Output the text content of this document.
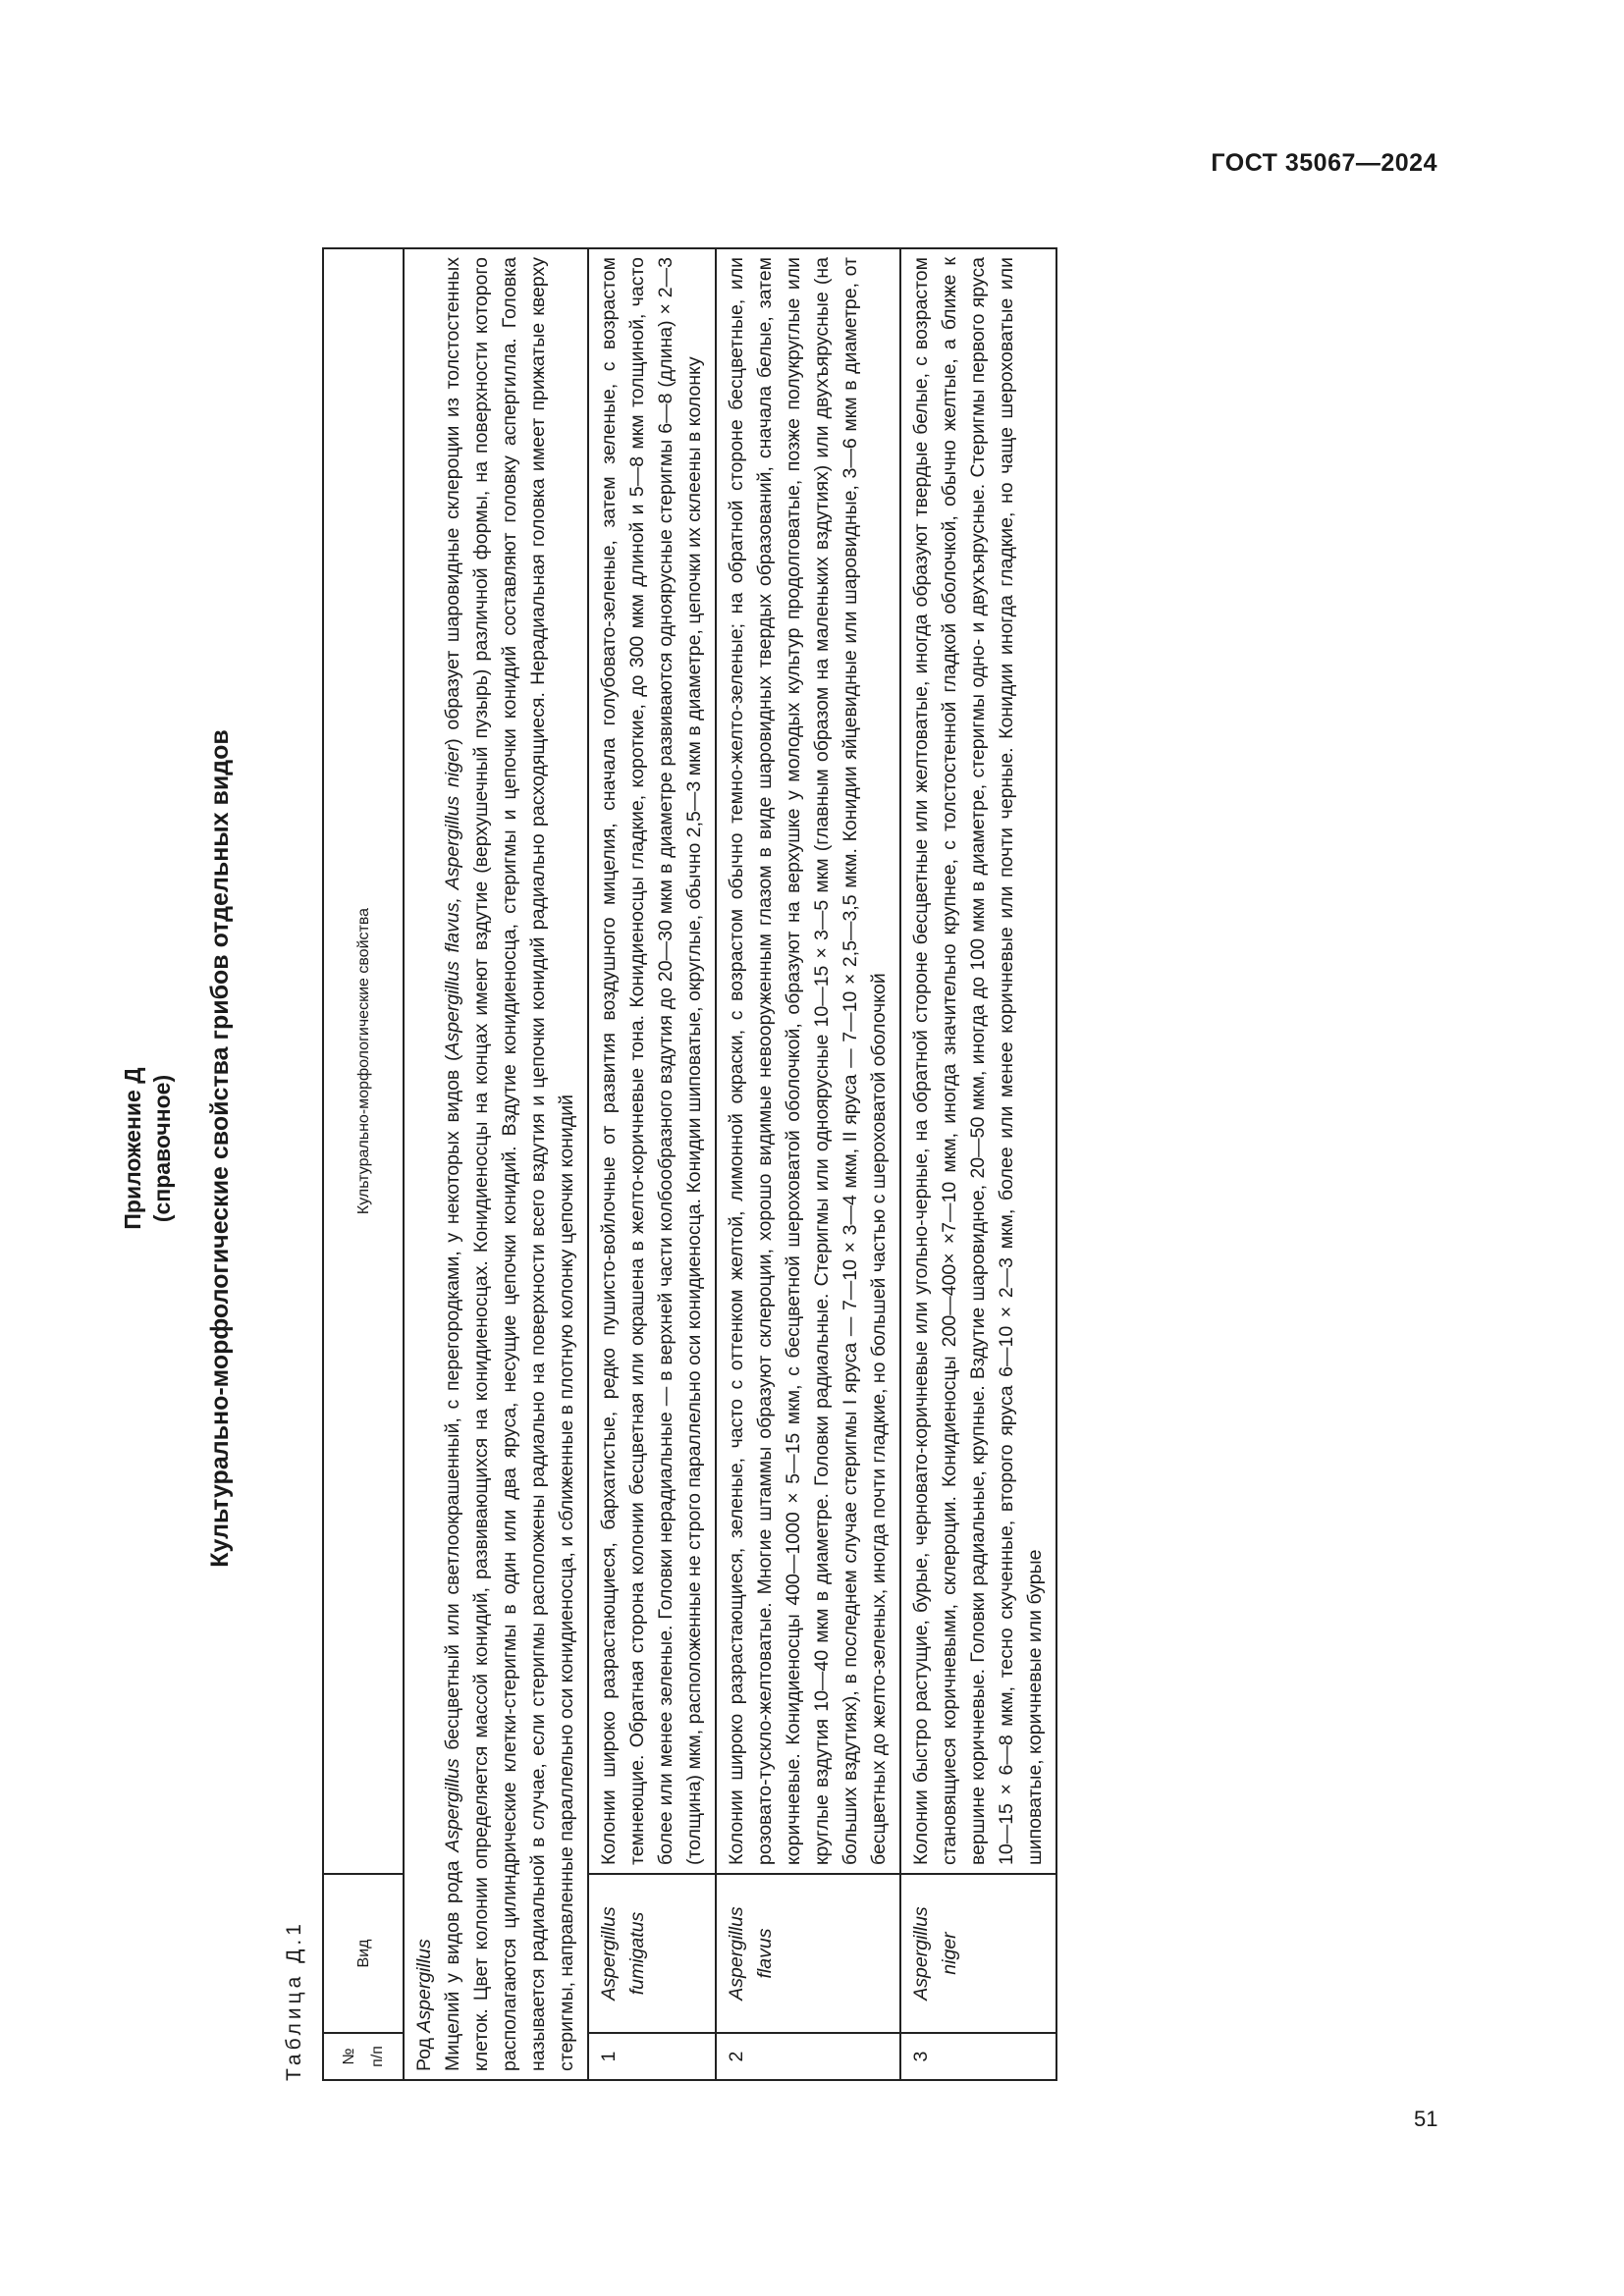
ГОСТ 35067—2024
Приложение Д (справочное) Культурально-морфологические свойства грибов отдельных видов
Таблица Д.1 № п/п	Вид	Культурально-морфологические свойства

Род Aspergillus Мицелий у видов рода Aspergillus бесцветный или светлоокрашенный, с перегородками, у некоторых видов (Aspergillus flavus, Aspergillus niger) образует шаровидные склероции из толстостенных клеток. Цвет колонии определяется массой конидий, развивающихся на конидиеносцах. Конидиеносцы на концах имеют вздутие (верхушечный пузырь) различной формы, на поверхности которого располагаются цилиндрические клетки-стеригмы в один или два яруса, несущие цепочки конидий. Вздутие конидиеносца, стеригмы и цепочки конидий составляют головку аспергилла. Головка называется радиальной в случае, если стеригмы расположены радиально на поверхности всего вздутия и цепочки конидий радиально расходящиеся. Нерадиальная головка имеет прижатые кверху стеригмы, направленные параллельно оси конидиеносца, и сближенные в плотную колонку цепочки конидий		

1	Aspergillus fumigatus	Колонии широко разрастающиеся, бархатистые, редко пушисто-войлочные от развития воздушного мицелия, сначала голубовато-зеленые, затем зеленые, с возрастом темнеющие. Обратная сторона колонии бесцветная или окрашена в желто-коричневые тона. Конидиеносцы гладкие, короткие, до 300 мкм длиной и 5—8 мкм толщиной, часто более или менее зеленые. Головки нерадиальные — в верхней части колбообразного вздутия до 20—30 мкм в диаметре развиваются одноярусные стеригмы 6—8 (длина) × 2—3 (толщина) мкм, расположенные не строго параллельно оси конидиеносца. Конидии шиповатые, округлые, обычно 2,5—3 мкм в диаметре, цепочки их склеены в колонку
2	Aspergillus flavus	Колонии широко разрастающиеся, зеленые, часто с оттенком желтой, лимонной окраски, с возрастом обычно темно-желто-зеленые; на обратной стороне бесцветные, или розовато-тускло-желтоватые. Многие штаммы образуют склероции, хорошо видимые невооруженным глазом в виде шаровидных твердых образований, сначала белые, затем коричневые. Конидиеносцы 400—1000 × 5—15 мкм, с бесцветной шероховатой оболочкой, образуют на верхушке у молодых культур продолговатые, позже полукруглые или круглые вздутия 10—40 мкм в диаметре. Головки радиальные. Стеригмы или одноярусные 10—15 × 3—5 мкм (главным образом на маленьких вздутиях) или двухъярусные (на больших вздутиях), в последнем случае стеригмы I яруса — 7—10 × 3—4 мкм, II яруса — 7—10 × 2,5—3,5 мкм. Конидии яйцевидные или шаровидные, 3—6 мкм в диаметре, от бесцветных до желто-зеленых, иногда почти гладкие, но большей частью с шероховатой оболочкой
3	Aspergillus niger	Колонии быстро растущие, бурые, черновато-коричневые или угольно-черные, на обратной стороне бесцветные или желтоватые, иногда образуют твердые белые, с возрастом становящиеся коричневыми, склероции. Конидиеносцы 200—400× ×7—10 мкм, иногда значительно крупнее, с толстостенной гладкой оболочкой, обычно желтые, а ближе к вершине коричневые. Головки радиальные, крупные. Вздутие шаровидное, 20—50 мкм, иногда до 100 мкм в диаметре, стеригмы одно- и двухъярусные. Стеригмы первого яруса 10—15 × 6—8 мкм, тесно скученные, второго яруса 6—10 × 2—3 мкм, более или менее коричневые или почти черные. Конидии иногда гладкие, но чаще шероховатые или шиповатые, коричневые или бурые
51
